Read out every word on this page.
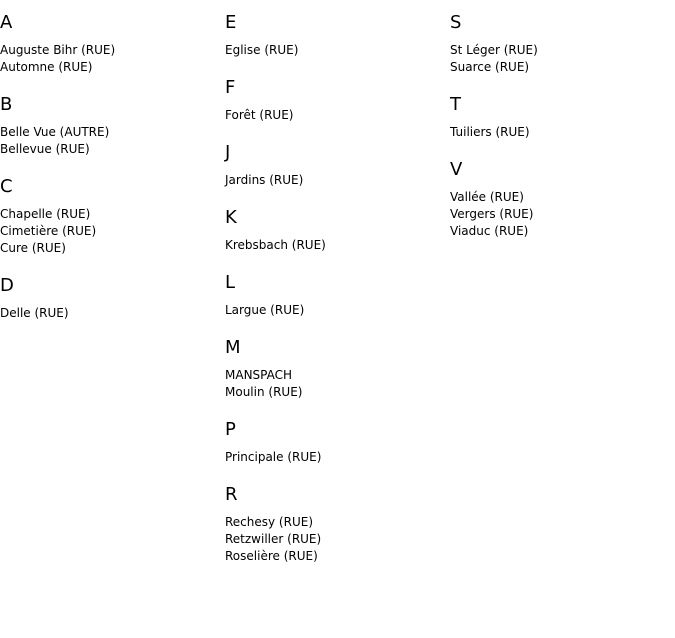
A
Auguste Bihr (RUE)
Automne (RUE)
B
Belle Vue (AUTRE)
Bellevue (RUE)
C
Chapelle (RUE)
Cimetière (RUE)
Cure (RUE)
D
Delle (RUE)
E
Eglise (RUE)
F
Forêt (RUE)
J
Jardins (RUE)
K
Krebsbach (RUE)
L
Largue (RUE)
M
MANSPACH
Moulin (RUE)
P
Principale (RUE)
R
Rechesy (RUE)
Retzwiller (RUE)
Roselière (RUE)
S
St Léger (RUE)
Suarce (RUE)
T
Tuiliers (RUE)
V
Vallée (RUE)
Vergers (RUE)
Viaduc (RUE)
